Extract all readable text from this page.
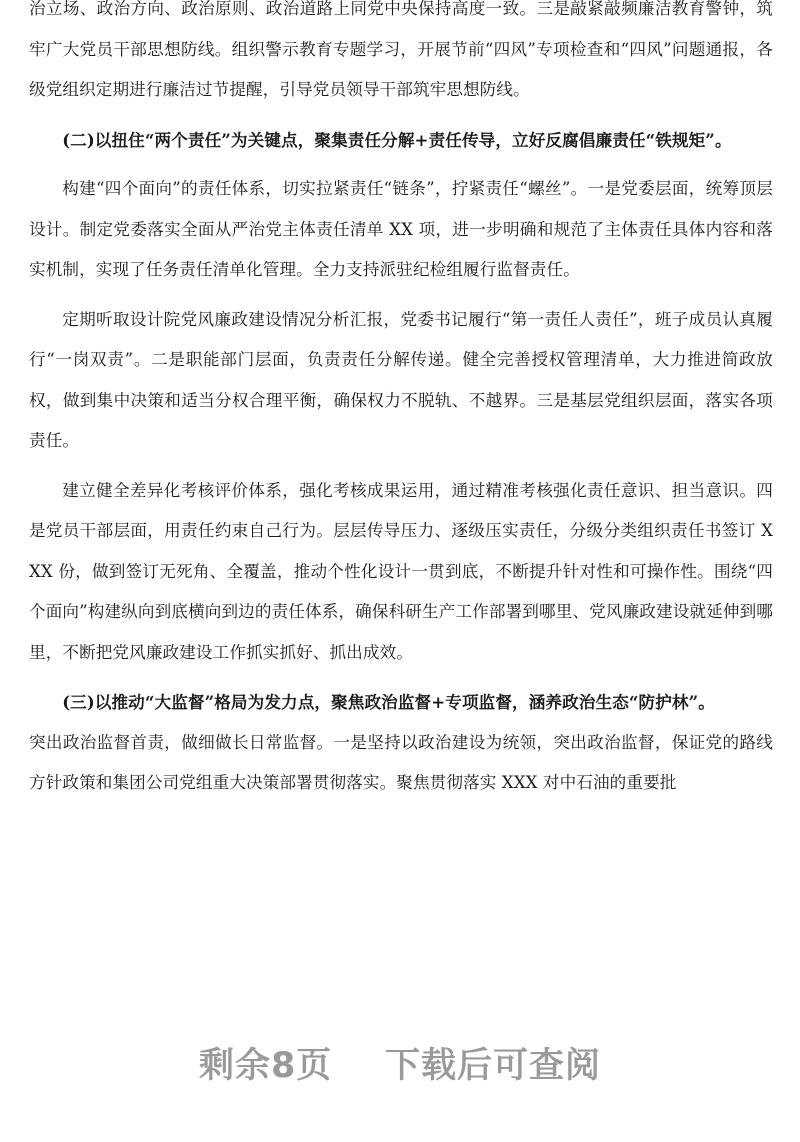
治立场、政治方向、政治原则、政治道路上同党中央保持高度一致。三是敲紧敲频廉洁教育警钟，筑牢广大党员干部思想防线。组织警示教育专题学习，开展节前“四风”专项检查和“四风”问题通报，各级党组织定期进行廉洁过节提醒，引导党员领导干部筑牢思想防线。

(二)以扭住“两个责任”为关键点，聚集责任分解+责任传导，立好反腐倡廉责任“铁规矩”。

构建“四个面向”的责任体系，切实拉紧责任“链条”，拧紧责任“螺丝”。一是党委层面，统筹顶层设计。制定党委落实全面从严治党主体责任清单 XX 项，进一步明确和规范了主体责任具体内容和落实机制，实现了任务责任清单化管理。全力支持派驻纪检组履行监督责任。

定期听取设计院党风廉政建设情况分析汇报，党委书记履行“第一责任人责任”，班子成员认真履行“一岗双责”。二是职能部门层面，负责责任分解传递。健全完善授权管理清单，大力推进简政放权，做到集中决策和适当分权合理平衡，确保权力不脱轨、不越界。三是基层党组织层面，落实各项责任。

建立健全差异化考核评价体系，强化考核成果运用，通过精准考核强化责任意识、担当意识。四是党员干部层面，用责任约束自己行为。层层传导压力、逐级压实责任，分级分类组织责任书签订 XXX 份，做到签订无死角、全覆盖，推动个性化设计一贯到底，不断提升针对性和可操作性。围绕“四个面向”构建纵向到底横向到边的责任体系，确保科研生产工作部署到哪里、党风廉政建设就延伸到哪里，不断把党风廉政建设工作抓实抓好、抓出成效。

(三)以推动“大监督”格局为发力点，聚焦政治监督+专项监督，涵养政治生态“防护林”。

突出政治监督首责，做细做长日常监督。一是坚持以政治建设为统领，突出政治监督，保证党的路线方针政策和集团公司党组重大决策部署贯彻落实。聚焦贯彻落实 XXX 对中石油的重要批

剩余8页    下载后可查阅
